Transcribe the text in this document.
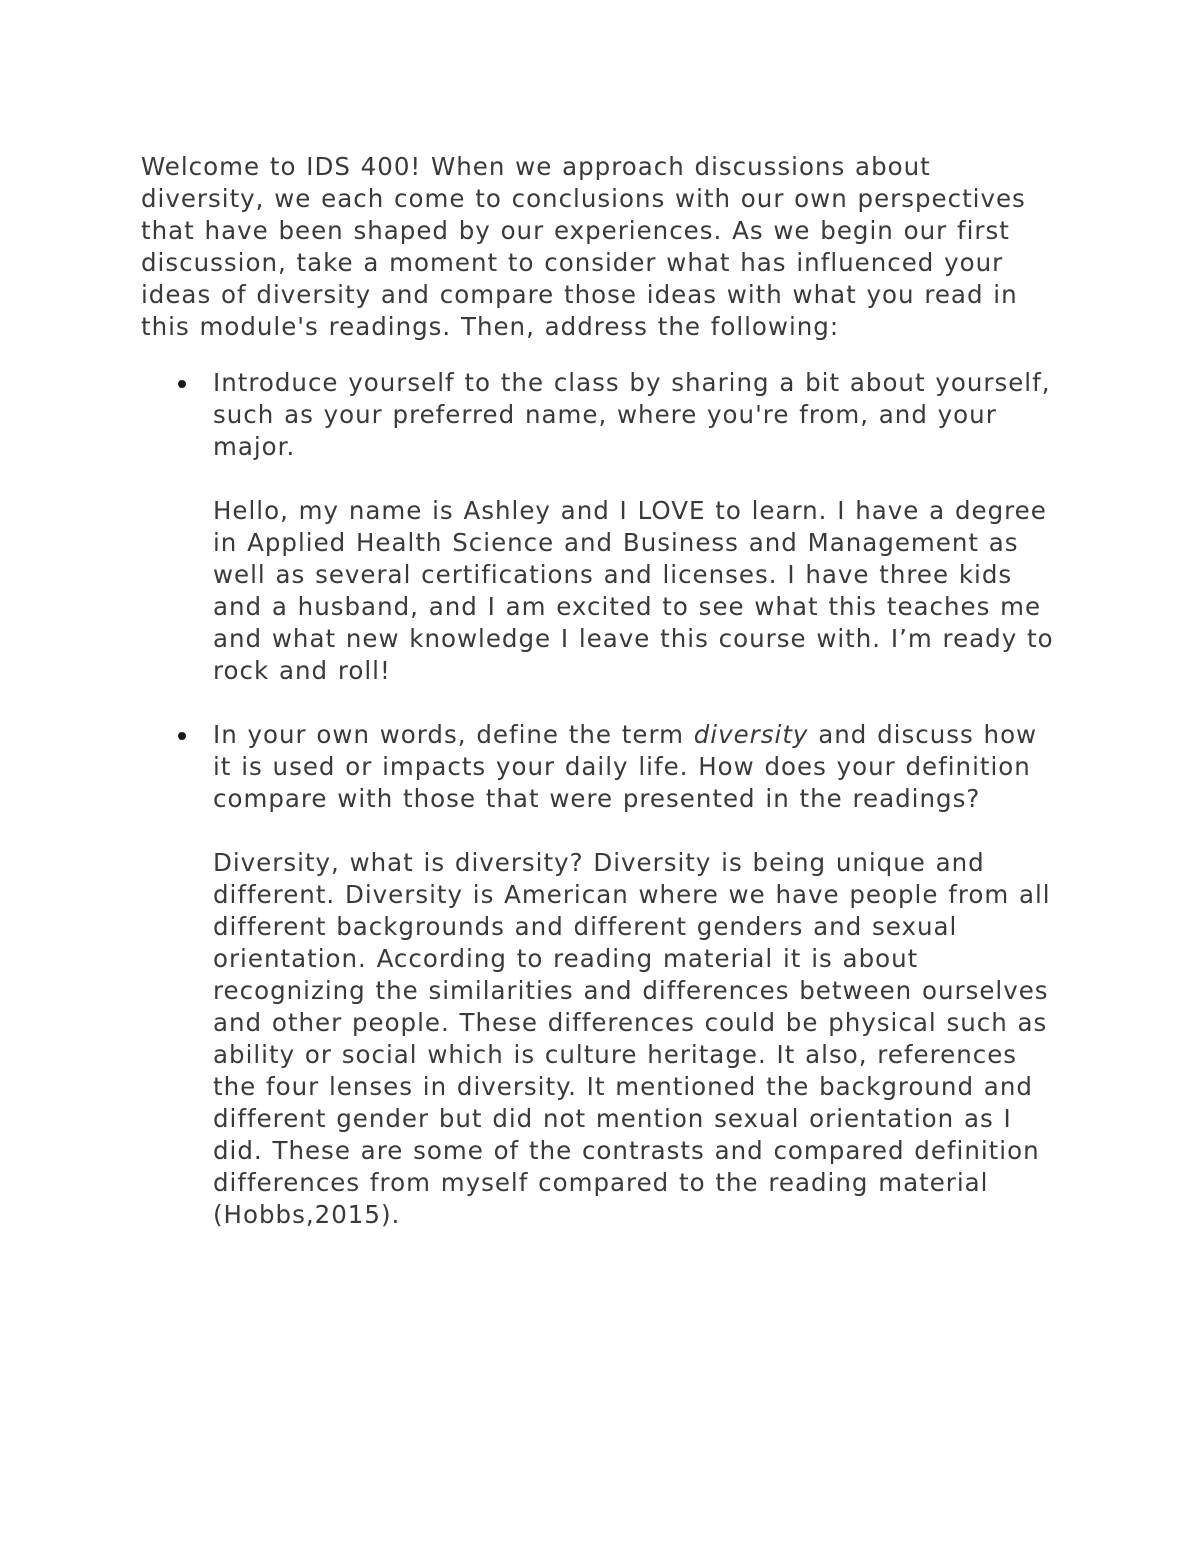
Welcome to IDS 400! When we approach discussions about diversity, we each come to conclusions with our own perspectives that have been shaped by our experiences. As we begin our first discussion, take a moment to consider what has influenced your ideas of diversity and compare those ideas with what you read in this module's readings. Then, address the following:

Introduce yourself to the class by sharing a bit about yourself, such as your preferred name, where you're from, and your major.

Hello, my name is Ashley and I LOVE to learn. I have a degree in Applied Health Science and Business and Management as well as several certifications and licenses. I have three kids and a husband, and I am excited to see what this teaches me and what new knowledge I leave this course with. I’m ready to rock and roll!

In your own words, define the term diversity and discuss how it is used or impacts your daily life. How does your definition compare with those that were presented in the readings?

Diversity, what is diversity? Diversity is being unique and different. Diversity is American where we have people from all different backgrounds and different genders and sexual orientation. According to reading material it is about recognizing the similarities and differences between ourselves and other people. These differences could be physical such as ability or social which is culture heritage. It also, references the four lenses in diversity. It mentioned the background and different gender but did not mention sexual orientation as I did. These are some of the contrasts and compared definition differences from myself compared to the reading material (Hobbs,2015).
